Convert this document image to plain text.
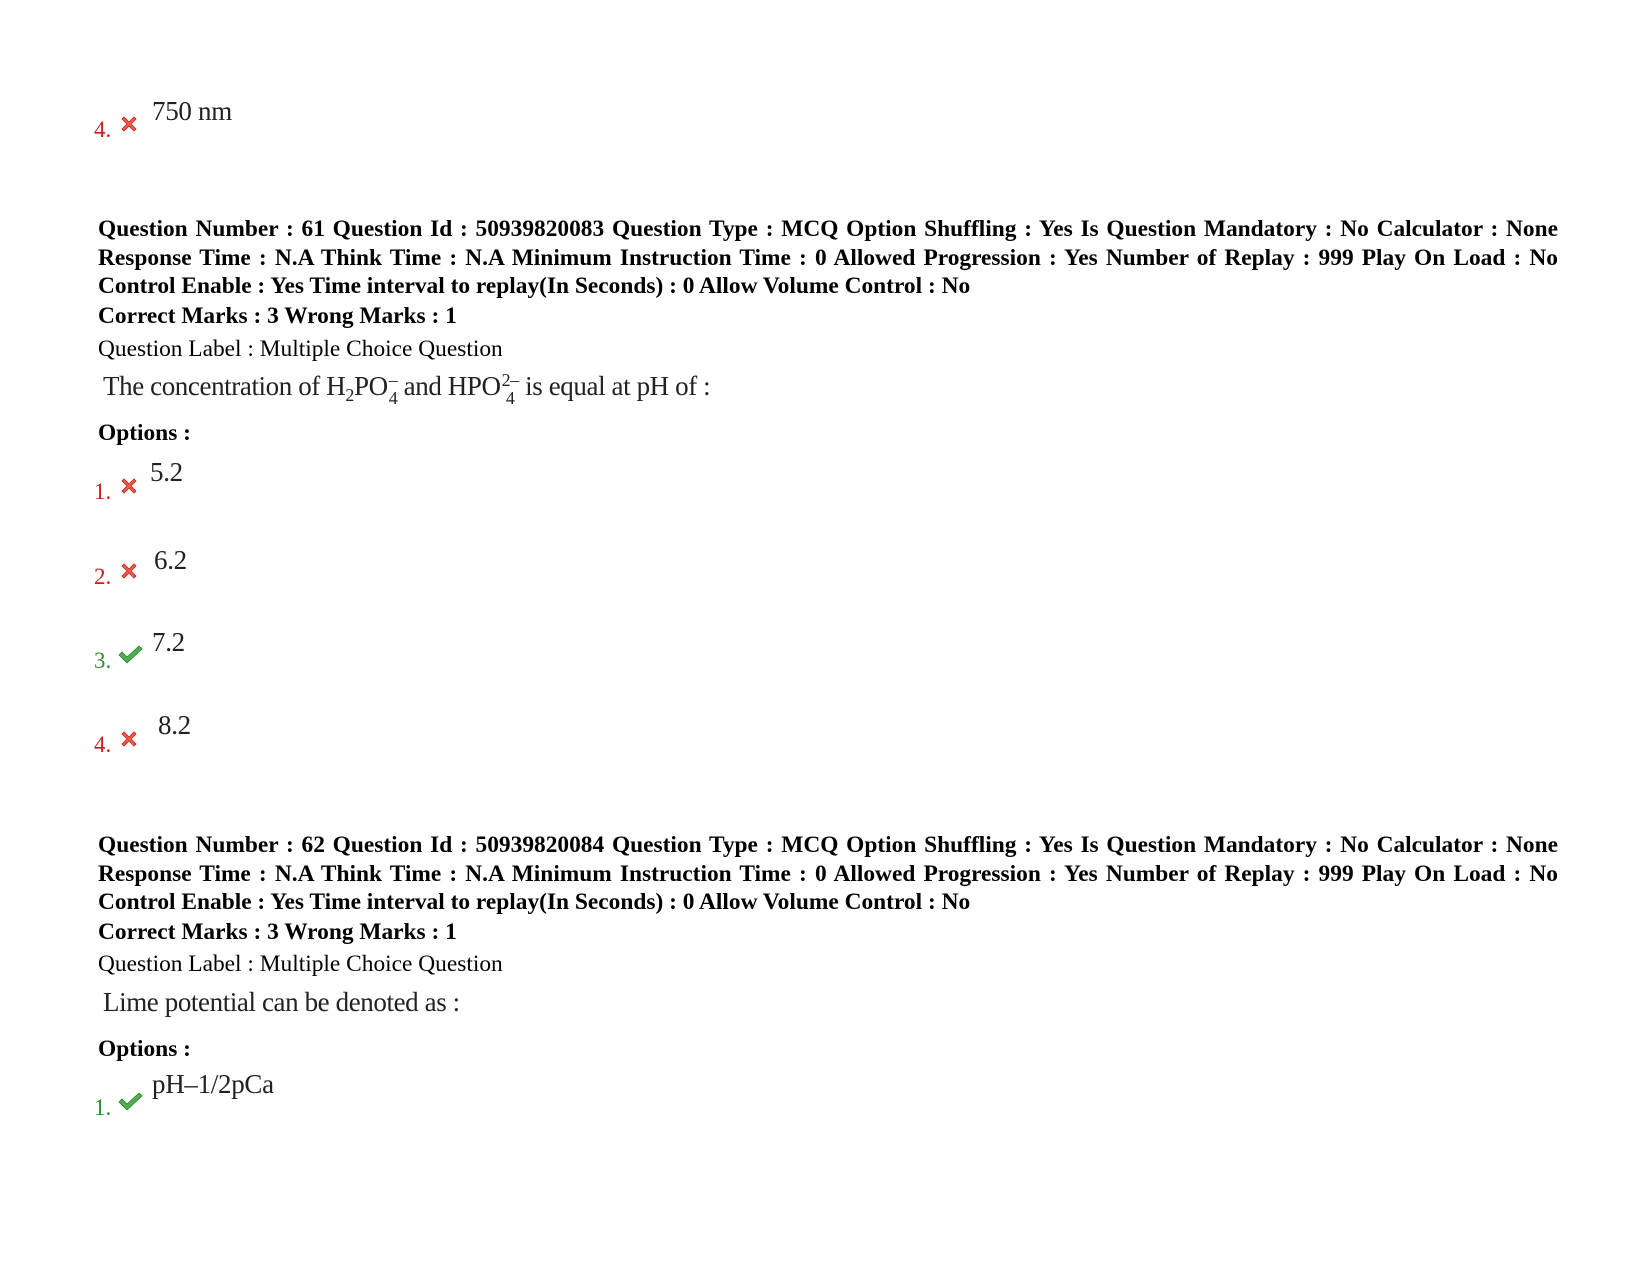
4.
750 nm
Question Number : 61 Question Id : 50939820083 Question Type : MCQ Option Shuffling : Yes Is Question Mandatory : No Calculator : None Response Time : N.A Think Time : N.A Minimum Instruction Time : 0 Allowed Progression : Yes Number of Replay : 999 Play On Load : No Control Enable : Yes Time interval to replay(In Seconds) : 0 Allow Volume Control : No
Correct Marks : 3 Wrong Marks : 1
Question Label : Multiple Choice Question
The concentration of $H_2PO$ –
4 and HPO 2–
4 is equal at pH of :
Options :
1.
5.2
2.
6.2
3.
7.2
4.
8.2
Question Number : 62 Question Id : 50939820084 Question Type : MCQ Option Shuffling : Yes Is Question Mandatory : No Calculator : None Response Time : N.A Think Time : N.A Minimum Instruction Time : 0 Allowed Progression : Yes Number of Replay : 999 Play On Load : No Control Enable : Yes Time interval to replay(In Seconds) : 0 Allow Volume Control : No
Correct Marks : 3 Wrong Marks : 1
Question Label : Multiple Choice Question
Lime potential can be denoted as :
Options :
1.
pH–1/2pCa
